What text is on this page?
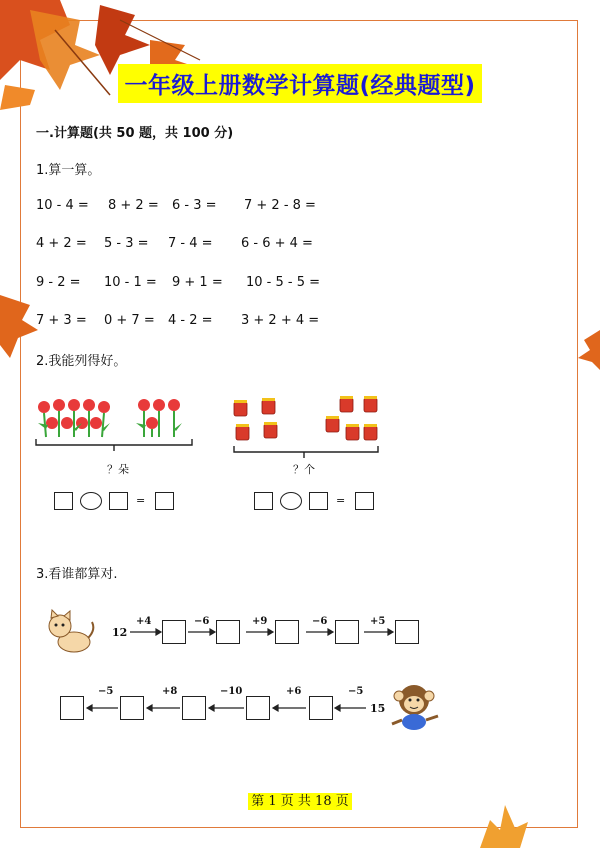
一年级上册数学计算题(经典题型)
一.计算题(共 50 题，共 100 分)
1.算一算。
10 - 4 = 8 + 2 = 6 - 3 = 7 + 2 - 8 =
4 + 2 = 5 - 3 = 7 - 4 = 6 - 6 + 4 =
9 - 2 = 10 - 1 = 9 + 1 = 10 - 5 - 5 =
7 + 3 = 0 + 7 = 4 - 2 = 3 + 2 + 4 =
2.我能列得好。
？朵	？个
=	=
3.看谁都算对.
12
+4	−6	+9	−6	+5
−5	+8	−10	+6	−5
15
第 1 页 共 18 页
